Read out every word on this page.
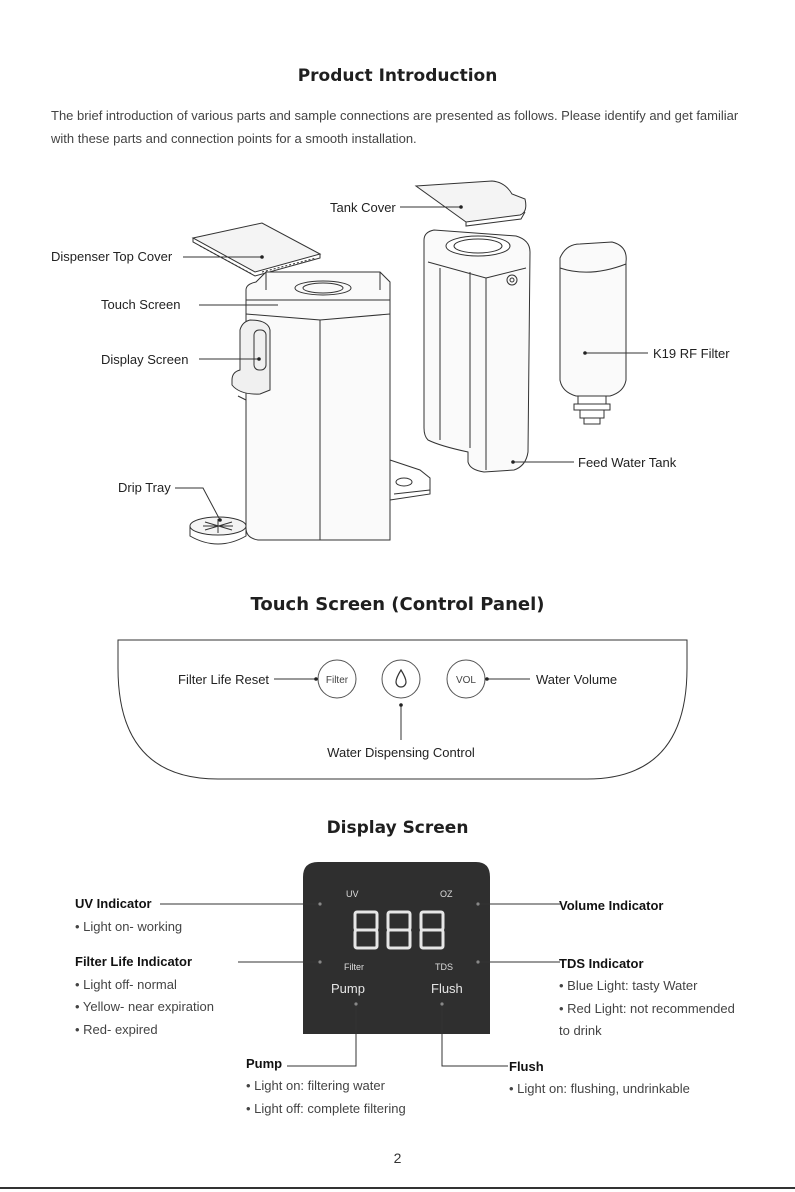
Product Introduction
The brief introduction of various parts and sample connections are presented as follows. Please identify and get familiar with these parts and connection points for a smooth installation.
Tank Cover
Dispenser Top Cover
Touch Screen
Display Screen	K19 RF Filter
Feed Water Tank
Drip Tray
Filter	VOL
Filter Life Reset	Water Volume
Water Dispensing Control
UV	OZ
Filter	TDS
Pump	Flush
UV Indicator
• Light on- working
Filter Life Indicator
• Light off- normal
• Yellow- near expiration
• Red- expired
Volume Indicator
TDS Indicator
• Blue Light: tasty Water
• Red Light: not recommended
to drink
Pump
• Light on: filtering water
• Light off: complete filtering
Flush
• Light on: flushing, undrinkable
Touch Screen (Control Panel)
Display Screen
2
